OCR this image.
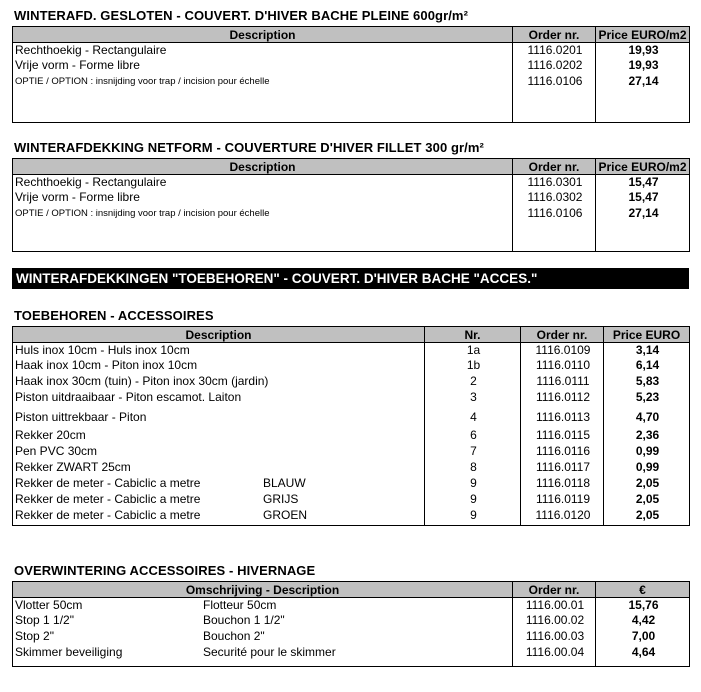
WINTERAFD. GESLOTEN - COUVERT. D'HIVER BACHE PLEINE 600gr/m²
Description	Order nr.	Price EURO/m2
Rechthoekig - Rectangulaire	1116.0201	19,93
Vrije vorm - Forme libre	1116.0202	19,93
OPTIE / OPTION : insnijding voor trap / incision pour échelle	1116.0106	27,14
WINTERAFDEKKING NETFORM - COUVERTURE D'HIVER FILLET 300 gr/m²
Description	Order nr.	Price EURO/m2
Rechthoekig - Rectangulaire	1116.0301	15,47
Vrije vorm - Forme libre	1116.0302	15,47
OPTIE / OPTION : insnijding voor trap / incision pour échelle	1116.0106	27,14
WINTERAFDEKKINGEN "TOEBEHOREN" - COUVERT. D'HIVER BACHE "ACCES."
TOEBEHOREN - ACCESSOIRES
Description	Nr.	Order nr.	Price EURO
Huls inox 10cm - Huls inox 10cm	1a	1116.0109	3,14
Haak inox 10cm - Piton inox 10cm	1b	1116.0110	6,14
Haak inox 30cm (tuin) - Piton inox 30cm (jardin)	2	1116.0111	5,83
Piston uitdraaibaar - Piton escamot. Laiton	3	1116.0112	5,23
Piston uittrekbaar - Piton	4	1116.0113	4,70
Rekker 20cm	6	1116.0115	2,36
Pen PVC 30cm	7	1116.0116	0,99
Rekker ZWART 25cm	8	1116.0117	0,99
Rekker de meter - Cabiclic a metre BLAUW	9	1116.0118	2,05
Rekker de meter - Cabiclic a metre GRIJS	9	1116.0119	2,05
Rekker de meter - Cabiclic a metre GROEN	9	1116.0120	2,05
OVERWINTERING ACCESSOIRES - HIVERNAGE
Omschrijving - Description	Order nr.	€
Vlotter 50cm Flotteur 50cm	1116.00.01	15,76
Stop 1 1/2" Bouchon 1 1/2"	1116.00.02	4,42
Stop 2" Bouchon 2"	1116.00.03	7,00
Skimmer beveiliging Securité pour le skimmer	1116.00.04	4,64
